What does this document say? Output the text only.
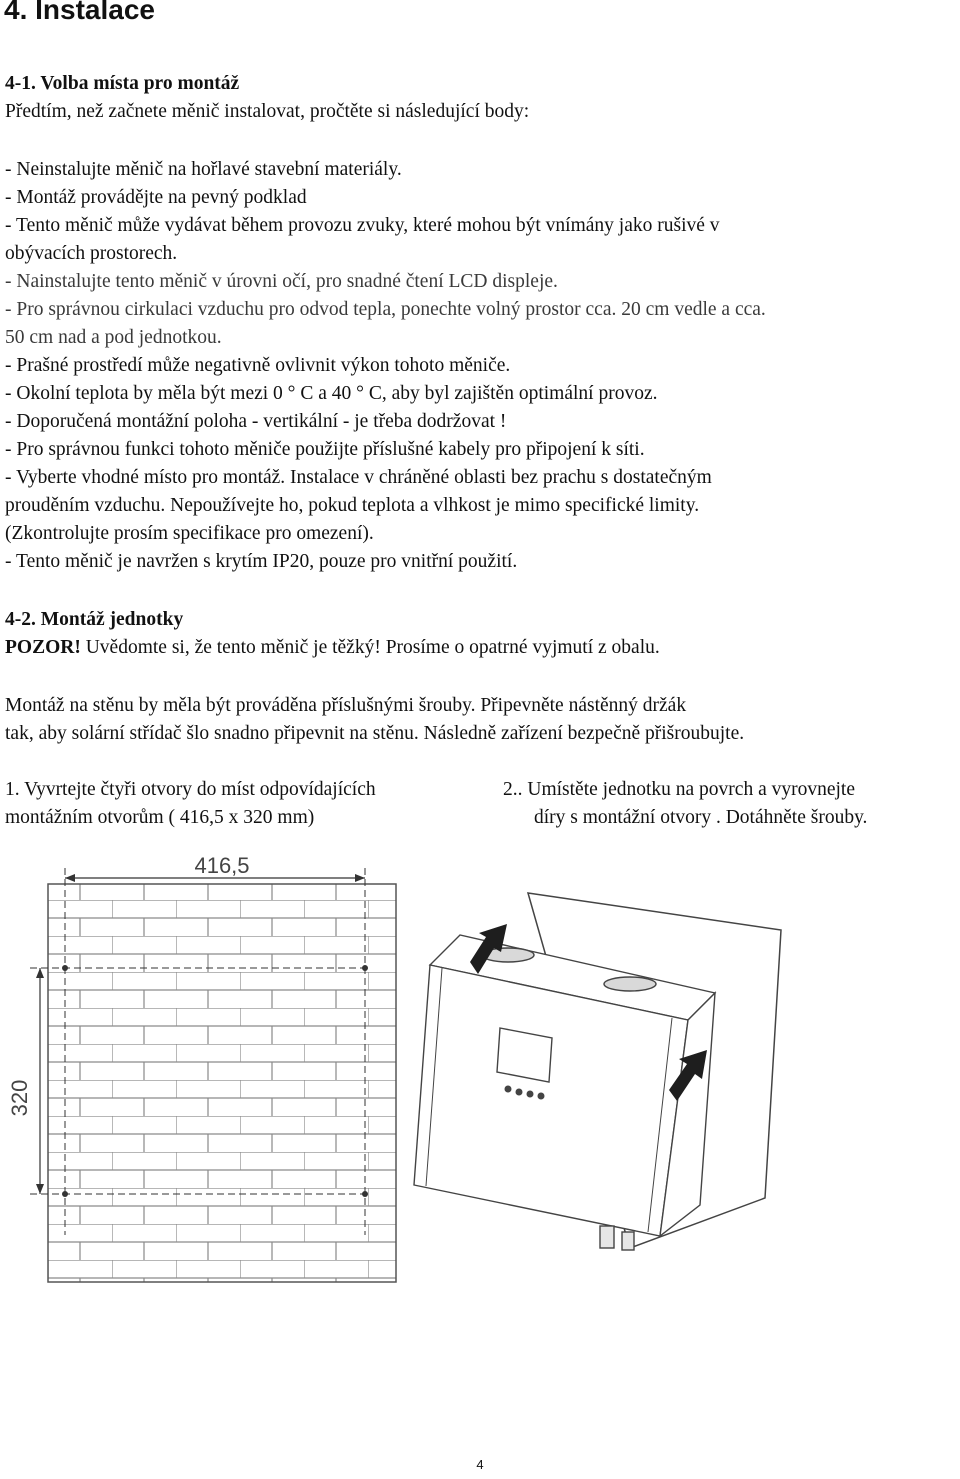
4. Instalace
4-1. Volba místa pro montáž
Předtím, než začnete měnič instalovat, pročtěte si následující body:
- Neinstalujte měnič na hořlavé stavební materiály.
- Montáž provádějte na pevný podklad
- Tento měnič může vydávat během provozu zvuky, které mohou být vnímány jako rušivé v
obývacích prostorech.
- Nainstalujte tento měnič v úrovni očí, pro snadné čtení LCD displeje.
- Pro správnou cirkulaci vzduchu pro odvod tepla, ponechte volný prostor cca. 20 cm vedle a cca.
50 cm nad a pod jednotkou.
- Prašné prostředí může negativně ovlivnit výkon tohoto měniče.
- Okolní teplota by měla být mezi 0 ° C a 40 ° C, aby byl zajištěn optimální provoz.
- Doporučená montážní poloha - vertikální - je třeba dodržovat !
- Pro správnou funkci tohoto měniče použijte příslušné kabely pro připojení k síti.
- Vyberte vhodné místo pro montáž. Instalace v chráněné oblasti bez prachu s dostatečným
prouděním vzduchu. Nepoužívejte ho, pokud teplota a vlhkost je mimo specifické limity.
(Zkontrolujte prosím specifikace pro omezení).
- Tento měnič je navržen s krytím IP20, pouze pro vnitřní použití.
4-2. Montáž jednotky
POZOR! Uvědomte si, že tento měnič je těžký! Prosíme o opatrné vyjmutí z obalu.
Montáž na stěnu by měla být prováděna příslušnými šrouby. Připevněte nástěnný držák
tak, aby solární střídač šlo snadno připevnit na stěnu. Následně zařízení bezpečně přišroubujte.
1. Vyvrtejte čtyři otvory do míst odpovídajících
montážním otvorům ( 416,5 x 320 mm)
2.. Umístěte jednotku na povrch a vyrovnejte
díry s montážní otvory . Dotáhněte šrouby.
416,5
320
4
